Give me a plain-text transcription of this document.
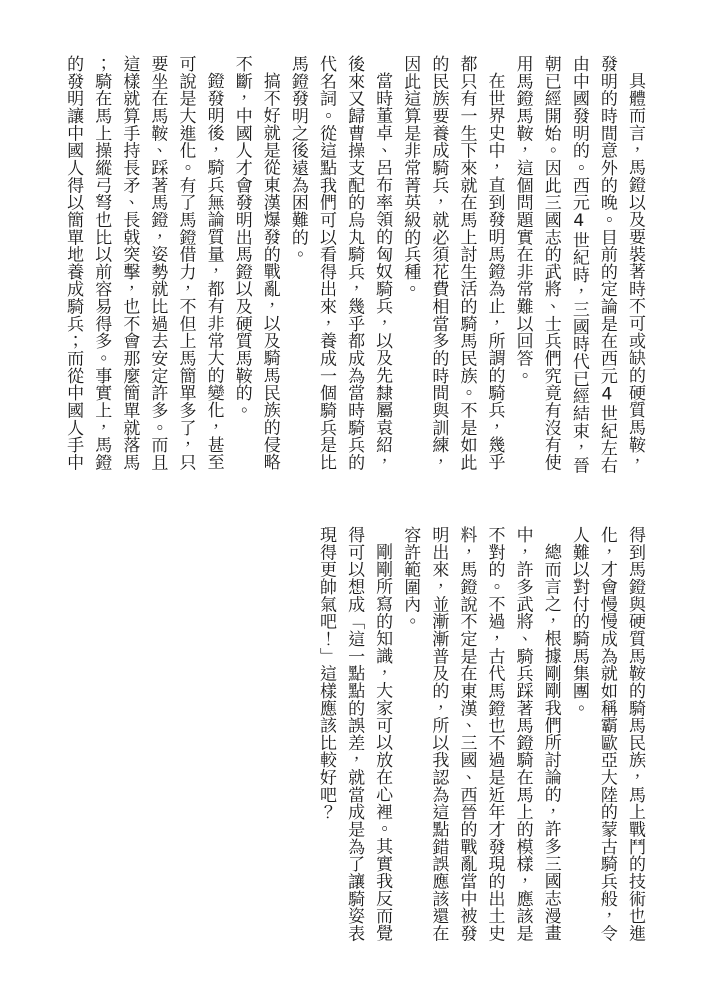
具體而言，馬鐙以及要裝著時不可或缺的硬質馬鞍，
發明的時間意外的晚。目前的定論是在西元4世紀左右
由中國發明的。西元4世紀時，三國時代已經結束，晉
朝已經開始。因此三國志的武將、士兵們究竟有沒有使
用馬鐙馬鞍，這個問題實在非常難以回答。
在世界史中，直到發明馬鐙為止，所謂的騎兵，幾乎
都只有一生下來就在馬上討生活的騎馬民族。不是如此
的民族要養成騎兵，就必須花費相當多的時間與訓練，
因此這算是非常菁英級的兵種。
當時董卓、呂布率領的匈奴騎兵，以及先隸屬袁紹，
後來又歸曹操支配的烏丸騎兵，幾乎都成為當時騎兵的
代名詞。從這點我們可以看得出來，養成一個騎兵是比
馬鐙發明之後遠為困難的。
搞不好就是從東漢爆發的戰亂，以及騎馬民族的侵略
不斷，中國人才會發明出馬鐙以及硬質馬鞍的。
鐙發明後，騎兵無論質量，都有非常大的變化，甚至
可說是大進化。有了馬鐙借力，不但上馬簡單多了，只
要坐在馬鞍、踩著馬鐙，姿勢就比過去安定許多。而且
這樣就算手持長矛、長戟突擊，也不會那麼簡單就落馬
；騎在馬上操縱弓弩也比以前容易得多。事實上，馬鐙
的發明讓中國人得以簡單地養成騎兵；而從中國人手中
得到馬鐙與硬質馬鞍的騎馬民族，馬上戰鬥的技術也進
化，才會慢慢成為就如稱霸歐亞大陸的蒙古騎兵般，令
人難以對付的騎馬集團。
總而言之，根據剛剛我們所討論的，許多三國志漫畫
中，許多武將、騎兵踩著馬鐙騎在馬上的模樣，應該是
不對的。不過，古代馬鐙也不過是近年才發現的出土史
料，馬鐙說不定是在東漢、三國、西晉的戰亂當中被發
明出來，並漸漸普及的，所以我認為這點錯誤應該還在
容許範圍內。
剛剛所寫的知識，大家可以放在心裡。其實我反而覺
得可以想成「這一點點的誤差，就當成是為了讓騎姿表
現得更帥氣吧！」這樣應該比較好吧？
